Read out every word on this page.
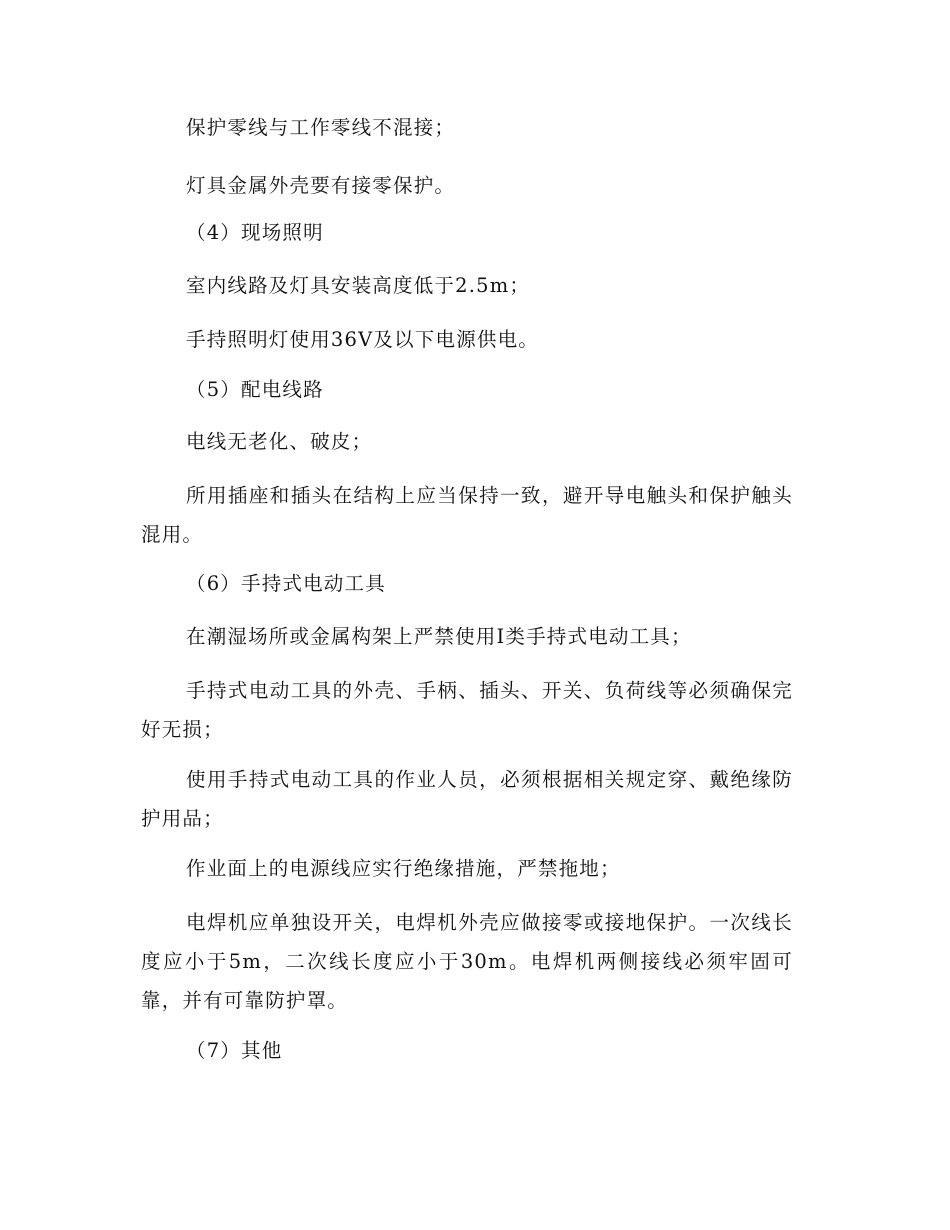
保护零线与工作零线不混接；

灯具金属外壳要有接零保护。

（4）现场照明

室内线路及灯具安装高度低于2.5m；

手持照明灯使用36V及以下电源供电。

（5）配电线路

电线无老化、破皮；

所用插座和插头在结构上应当保持一致，避开导电触头和保护触头混用。

（6）手持式电动工具

在潮湿场所或金属构架上严禁使用Ⅰ类手持式电动工具；

手持式电动工具的外壳、手柄、插头、开关、负荷线等必须确保完好无损；

使用手持式电动工具的作业人员，必须根据相关规定穿、戴绝缘防护用品；

作业面上的电源线应实行绝缘措施，严禁拖地；

电焊机应单独设开关，电焊机外壳应做接零或接地保护。一次线长度应小于5m，二次线长度应小于30m。电焊机两侧接线必须牢固可靠，并有可靠防护罩。

（7）其他
